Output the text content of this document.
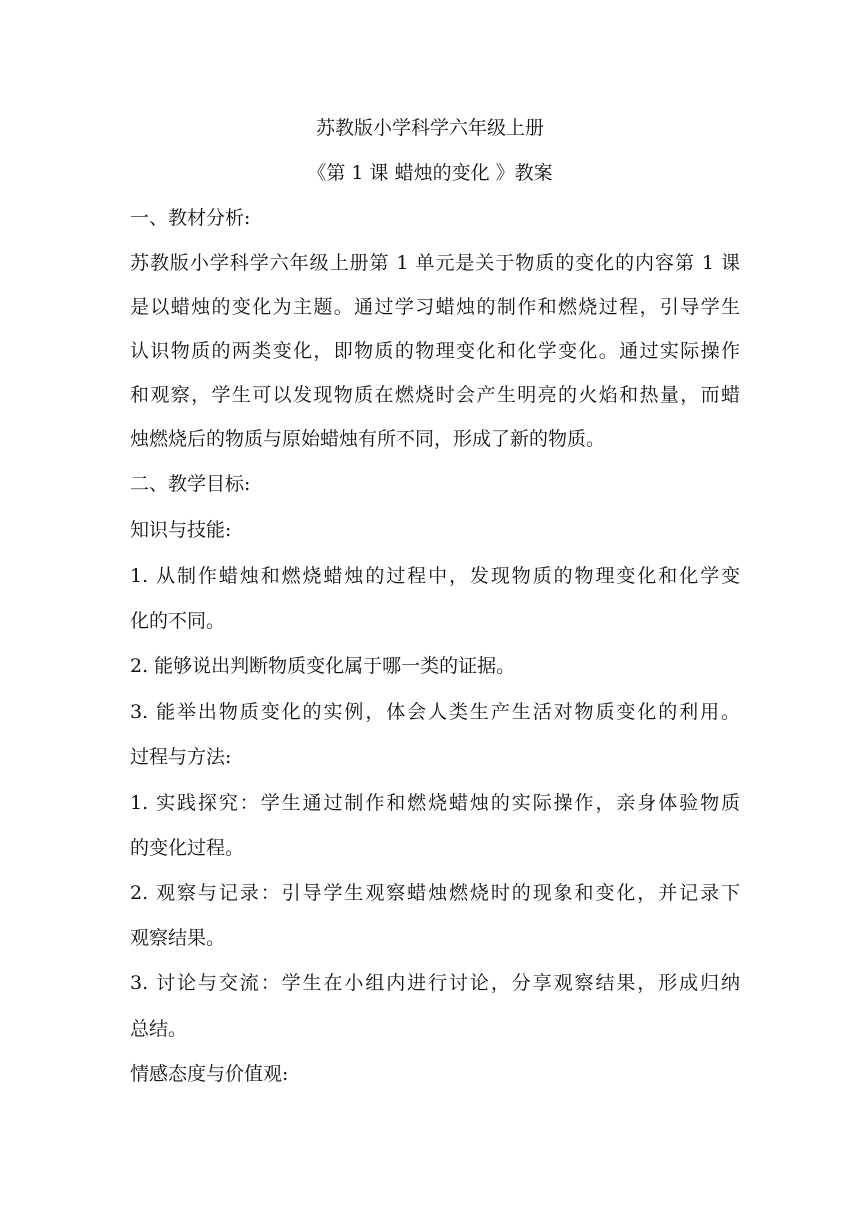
苏教版小学科学六年级上册
《第 1 课 蜡烛的变化 》教案
一、教材分析:
苏教版小学科学六年级上册第 1 单元是关于物质的变化的内容第 1 课
是以蜡烛的变化为主题。通过学习蜡烛的制作和燃烧过程，引导学生
认识物质的两类变化，即物质的物理变化和化学变化。通过实际操作
和观察，学生可以发现物质在燃烧时会产生明亮的火焰和热量，而蜡
烛燃烧后的物质与原始蜡烛有所不同，形成了新的物质。
二、教学目标:
知识与技能:
1. 从制作蜡烛和燃烧蜡烛的过程中，发现物质的物理变化和化学变
化的不同。
2. 能够说出判断物质变化属于哪一类的证据。
3. 能举出物质变化的实例，体会人类生产生活对物质变化的利用。
过程与方法:
1. 实践探究：学生通过制作和燃烧蜡烛的实际操作，亲身体验物质
的变化过程。
2. 观察与记录：引导学生观察蜡烛燃烧时的现象和变化，并记录下
观察结果。
3. 讨论与交流：学生在小组内进行讨论，分享观察结果，形成归纳
总结。
情感态度与价值观:
